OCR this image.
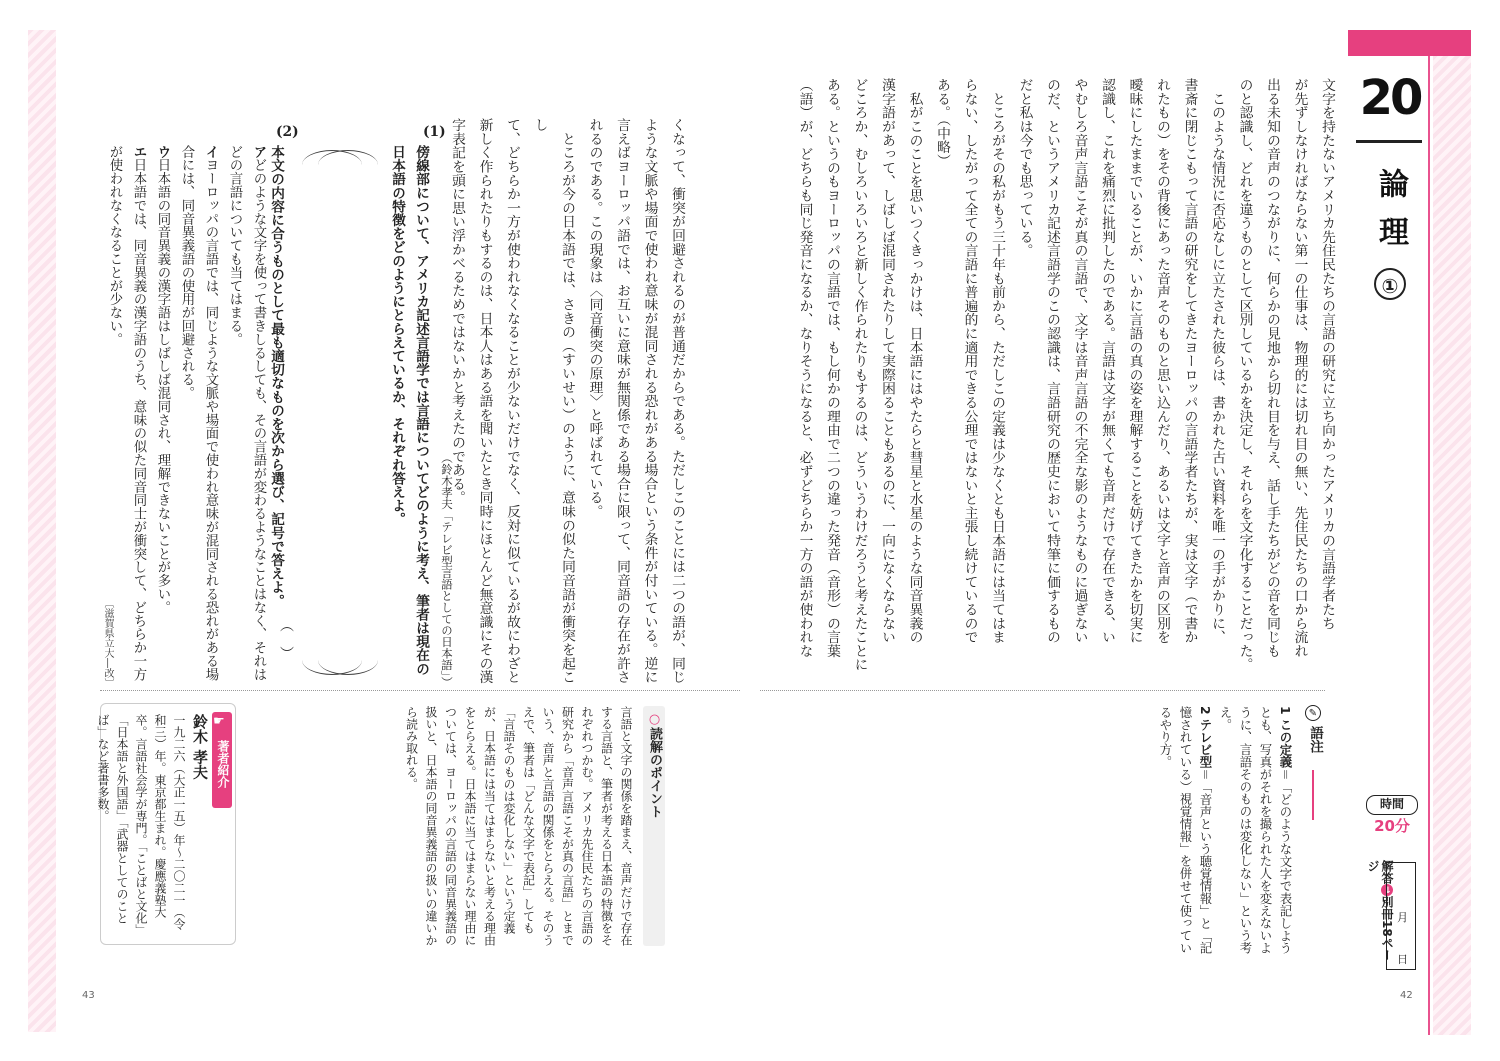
20
論理
①
時間
20分
解答→別冊18ページ
月
日
42
43
文字を持たないアメリカ先住民たちの言語の研究に立ち向かったアメリカの言語学者たち
が先ずしなければならない第一の仕事は、物理的には切れ目の無い、先住民たちの口から流れ
出る未知の音声のつながりに、何らかの見地から切れ目を与え、話し手たちがどの音を同じも
のと認識し、どれを違うものとして区別しているかを決定し、それらを文字化することだった。
　このような情況に否応なしに立たされた彼らは、書かれた古い資料を唯一の手がかりに、
書斎に閉じこもって言語の研究をしてきたヨーロッパの言語学者たちが、実は文字（で書か
れたもの）をその背後にあった音声そのものと思い込んだり、あるいは文字と音声の区別を
曖昧にしたままでいることが、いかに言語の真の姿を理解することを妨げてきたかを切実に
認識し、これを痛烈に批判したのである。言語は文字が無くても音声だけで存在できる、い
やむしろ音声言語こそが真の言語で、文字は音声言語の不完全な影のようなものに過ぎない
のだ、というアメリカ記述言語学のこの認識は、言語研究の歴史において特筆に価するもの
だと私は今でも思っている。
　ところがその私がもう三十年も前から、ただしこの定義は少なくとも日本語には当てはま
らない、したがって全ての言語に普遍的に適用できる公理ではないと主張し続けているので
ある。（中略）
　私がこのことを思いつくきっかけは、日本語にはやたらと彗星と水星のような同音異義の
漢字語があって、しばしば混同されたりして実際困ることもあるのに、一向になくならない
どころか、むしろいろいろと新しく作られたりもするのは、どういうわけだろうと考えたことに
ある。というのもヨーロッパの言語では、もし何かの理由で二つの違った発音（音形）の言葉
（語）が、どちらも同じ発音になるか、なりそうになると、必ずどちらか一方の語が使われな
くなって、衝突が回避されるのが普通だからである。ただしこのことには二つの語が、同じ
ような文脈や場面で使われ意味が混同される恐れがある場合という条件が付いている。逆に
言えばヨーロッパ語では、お互いに意味が無関係である場合に限って、同音語の存在が許さ
れるのである。この現象は〈同音衝突の原理〉と呼ばれている。
　ところが今の日本語では、さきの（すいせい）のように、意味の似た同音語が衝突を起こし
て、どちらか一方が使われなくなることが少ないだけでなく、反対に似ているが故にわざと
新しく作られたりもするのは、日本人はある語を聞いたとき同時にほとんど無意識にその漢
字表記を頭に思い浮かべるためではないかと考えたのである。
（鈴木孝夫「テレビ型言語としての日本語」）
(1)
傍線部について、アメリカ記述言語学では言語についてどのように考え、筆者は現在の日本語の特徴をどのようにとらえているか、それぞれ答えよ。
(2)
本文の内容に合うものとして最も適切なものを次から選び、記号で答えよ。
（　）
アどのような文字を使って書きしるしても、その言語が変わるようなことはなく、それはどの言語についても当てはまる。
イヨーロッパの言語では、同じような文脈や場面で使われ意味が混同される恐れがある場合には、同音異義語の使用が回避される。
ウ日本語の同音異義の漢字語はしばしば混同され、理解できないことが多い。
エ日本語では、同音異義の漢字語のうち、意味の似た同音同士が衝突して、どちらか一方が使われなくなることが少ない。
〔滋賀県立大―改〕
✎
語注
1 この定義＝「どのような文字で表記しようとも、写真がそれを撮られた人を変えないように、言語そのものは変化しない」という考え。
2 テレビ型＝「音声という聴覚情報」と「記憶されている）視覚情報」を併せて使っているやり方。
○読解のポイント
言語と文字の関係を踏まえ、音声だけで存在する言語と、筆者が考える日本語の特徴をそれぞれつかむ。アメリカ先住民たちの言語の研究から「音声言語こそが真の言語」とまでいう、音声と言語の関係をとらえる。そのうえで、筆者は「どんな文字で表記」しても「言語そのものは変化しない」という定義が、日本語には当てはまらないと考える理由をとらえる。日本語に当てはまらない理由については、ヨーロッパの言語の同音異義語の扱いと、日本語の同音異義語の扱いの違いから読み取れる。
☛
著者紹介
鈴木 孝夫
一九二六（大正一五）年〜二〇二一（令和三）年。東京都生まれ。慶應義塾大卒。言語社会学が専門。「ことばと文化」「日本語と外国語」「武器としてのことば」など著書多数。
